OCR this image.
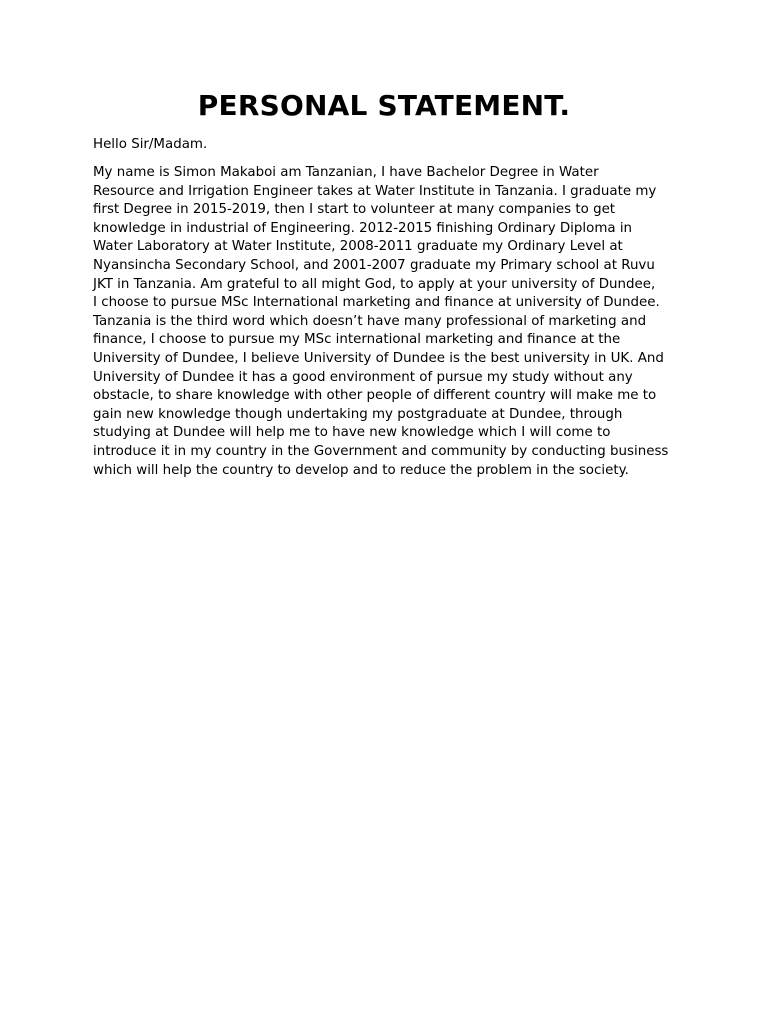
PERSONAL STATEMENT.

Hello Sir/Madam.

My name is Simon Makaboi am Tanzanian, I have Bachelor Degree in Water
Resource and Irrigation Engineer takes at Water Institute in Tanzania. I graduate my
first Degree in 2015-2019, then I start to volunteer at many companies to get
knowledge in industrial of Engineering. 2012-2015 finishing Ordinary Diploma in
Water Laboratory at Water Institute, 2008-2011 graduate my Ordinary Level at
Nyansincha Secondary School, and 2001-2007 graduate my Primary school at Ruvu
JKT in Tanzania. Am grateful to all might God, to apply at your university of Dundee,
I choose to pursue MSc International marketing and finance at university of Dundee.
Tanzania is the third word which doesn’t have many professional of marketing and
finance, I choose to pursue my MSc international marketing and finance at the
University of Dundee, I believe University of Dundee is the best university in UK. And
University of Dundee it has a good environment of pursue my study without any
obstacle, to share knowledge with other people of different country will make me to
gain new knowledge though undertaking my postgraduate at Dundee, through
studying at Dundee will help me to have new knowledge which I will come to
introduce it in my country in the Government and community by conducting business
which will help the country to develop and to reduce the problem in the society.
